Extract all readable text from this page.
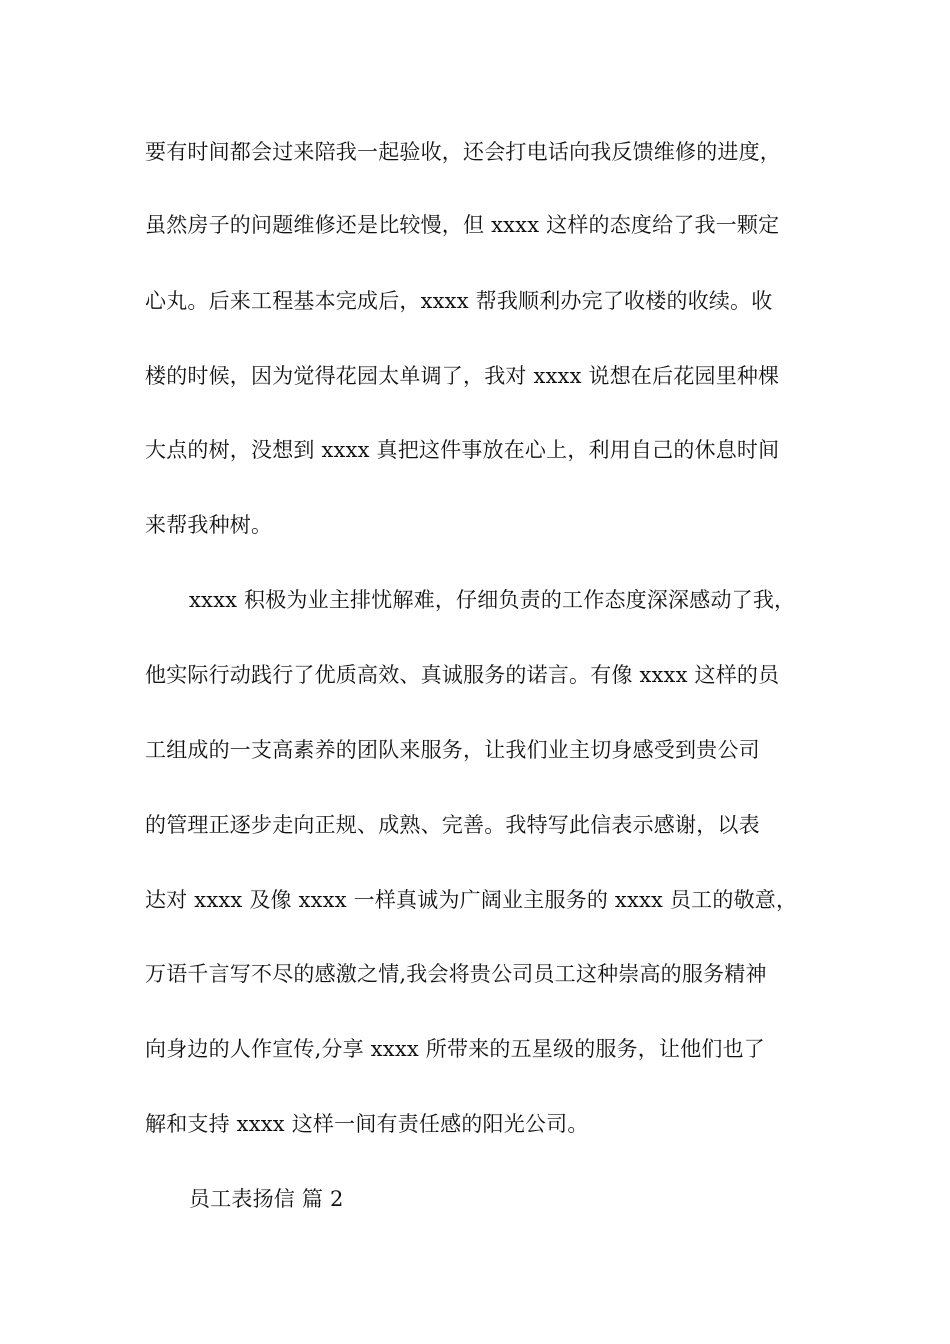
要有时间都会过来陪我一起验收，还会打电话向我反馈维修的进度，
虽然房子的问题维修还是比较慢，但 xxxx 这样的态度给了我一颗定
心丸。后来工程基本完成后，xxxx 帮我顺利办完了收楼的收续。收
楼的时候，因为觉得花园太单调了，我对 xxxx 说想在后花园里种棵
大点的树，没想到 xxxx 真把这件事放在心上，利用自己的休息时间
来帮我种树。
xxxx 积极为业主排忧解难，仔细负责的工作态度深深感动了我，
他实际行动践行了优质高效、真诚服务的诺言。有像 xxxx 这样的员
工组成的一支高素养的团队来服务，让我们业主切身感受到贵公司
的管理正逐步走向正规、成熟、完善。我特写此信表示感谢，以表
达对 xxxx 及像 xxxx 一样真诚为广阔业主服务的 xxxx 员工的敬意，
万语千言写不尽的感激之情,我会将贵公司员工这种崇高的服务精神
向身边的人作宣传,分享 xxxx 所带来的五星级的服务，让他们也了
解和支持 xxxx 这样一间有责任感的阳光公司。
员工表扬信 篇 2
